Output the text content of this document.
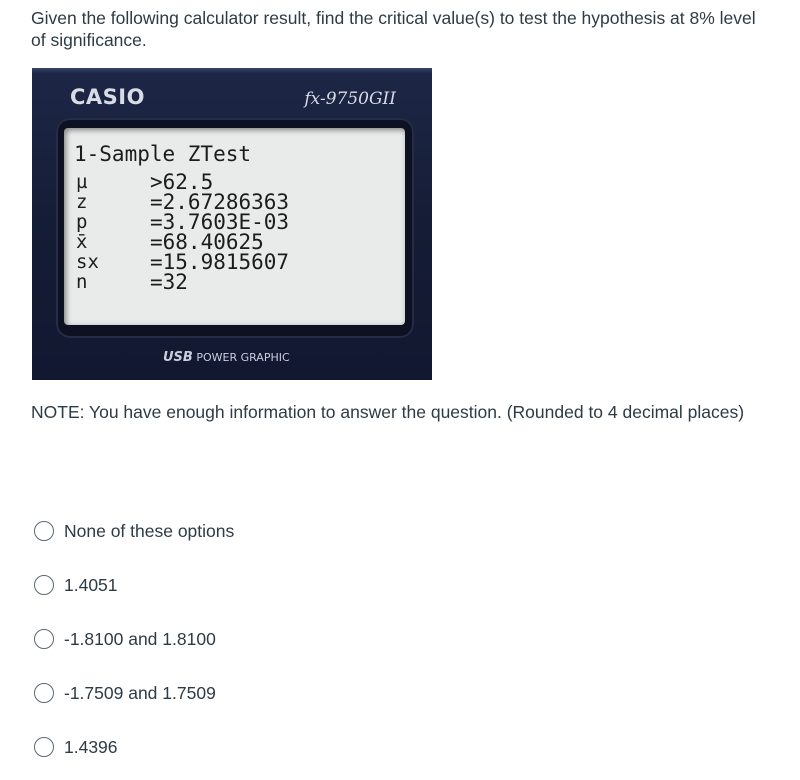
Given the following calculator result, find the critical value(s) to test the hypothesis at 8% level of significance.

CASIO	fx-9750GII
1-Sample ZTest
µ	>62.5
z	=2.67286363
p	=3.7603E-03
x̄	=68.40625
sx =15.9815607
n	=32
USB POWER GRAPHIC

NOTE: You have enough information to answer the question. (Rounded to 4 decimal places)

None of these options
1.4051
-1.8100 and 1.8100
-1.7509 and 1.7509
1.4396
